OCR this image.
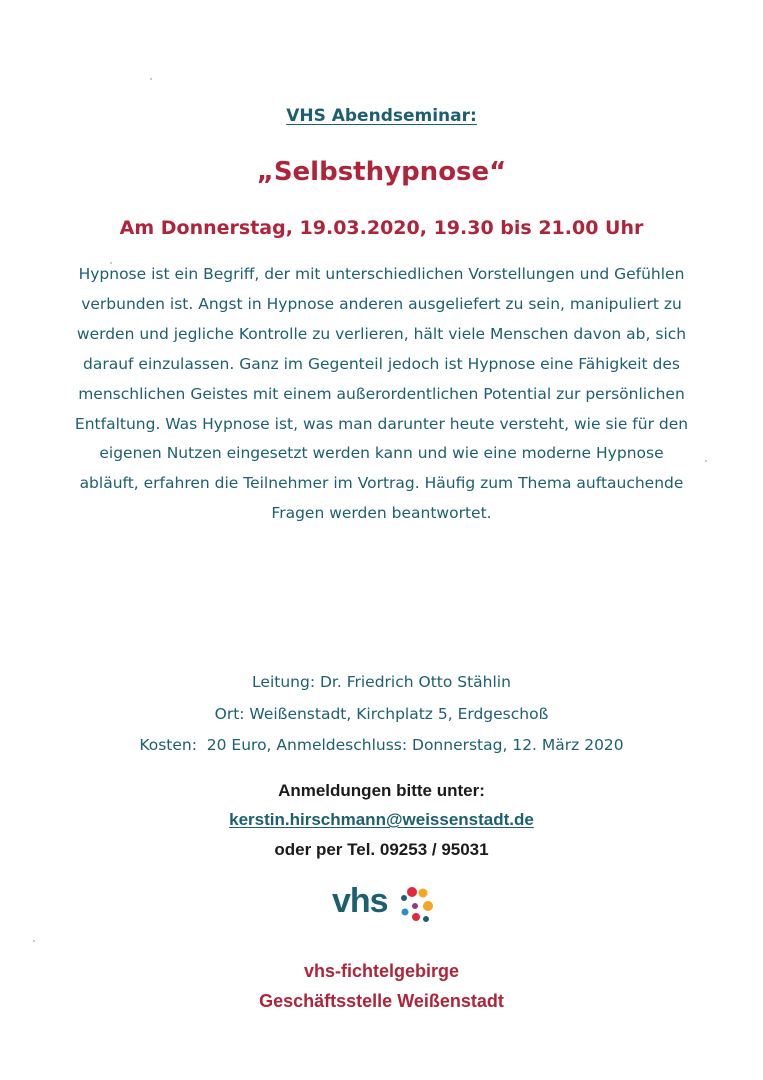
VHS Abendseminar:
„Selbsthypnose“
Am Donnerstag, 19.03.2020, 19.30 bis 21.00 Uhr
Hypnose ist ein Begriff, der mit unterschiedlichen Vorstellungen und Gefühlen verbunden ist. Angst in Hypnose anderen ausgeliefert zu sein, manipuliert zu werden und jegliche Kontrolle zu verlieren, hält viele Menschen davon ab, sich darauf einzulassen. Ganz im Gegenteil jedoch ist Hypnose eine Fähigkeit des menschlichen Geistes mit einem außerordentlichen Potential zur persönlichen Entfaltung. Was Hypnose ist, was man darunter heute versteht, wie sie für den eigenen Nutzen eingesetzt werden kann und wie eine moderne Hypnose abläuft, erfahren die Teilnehmer im Vortrag. Häufig zum Thema auftauchende Fragen werden beantwortet.
Leitung: Dr. Friedrich Otto Stählin
Ort: Weißenstadt, Kirchplatz 5, Erdgeschoß
Kosten:  20 Euro, Anmeldeschluss: Donnerstag, 12. März 2020
Anmeldungen bitte unter:
kerstin.hirschmann@weissenstadt.de
oder per Tel. 09253 / 95031
vhs
vhs-fichtelgebirge
Geschäftsstelle Weißenstadt
